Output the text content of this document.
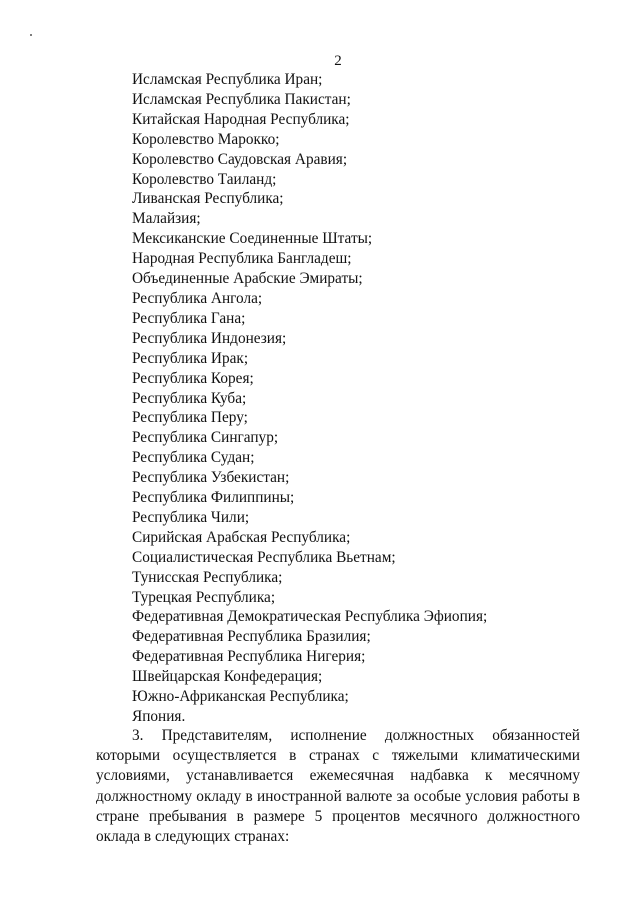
2
Исламская Республика Иран;
Исламская Республика Пакистан;
Китайская Народная Республика;
Королевство Марокко;
Королевство Саудовская Аравия;
Королевство Таиланд;
Ливанская Республика;
Малайзия;
Мексиканские Соединенные Штаты;
Народная Республика Бангладеш;
Объединенные Арабские Эмираты;
Республика Ангола;
Республика Гана;
Республика Индонезия;
Республика Ирак;
Республика Корея;
Республика Куба;
Республика Перу;
Республика Сингапур;
Республика Судан;
Республика Узбекистан;
Республика Филиппины;
Республика Чили;
Сирийская Арабская Республика;
Социалистическая Республика Вьетнам;
Тунисская Республика;
Турецкая Республика;
Федеративная Демократическая Республика Эфиопия;
Федеративная Республика Бразилия;
Федеративная Республика Нигерия;
Швейцарская Конфедерация;
Южно-Африканская Республика;
Япония.

3. Представителям, исполнение должностных обязанностей которыми осуществляется в странах с тяжелыми климатическими условиями, устанавливается ежемесячная надбавка к месячному должностному окладу в иностранной валюте за особые условия работы в стране пребывания в размере 5 процентов месячного должностного оклада в следующих странах:
